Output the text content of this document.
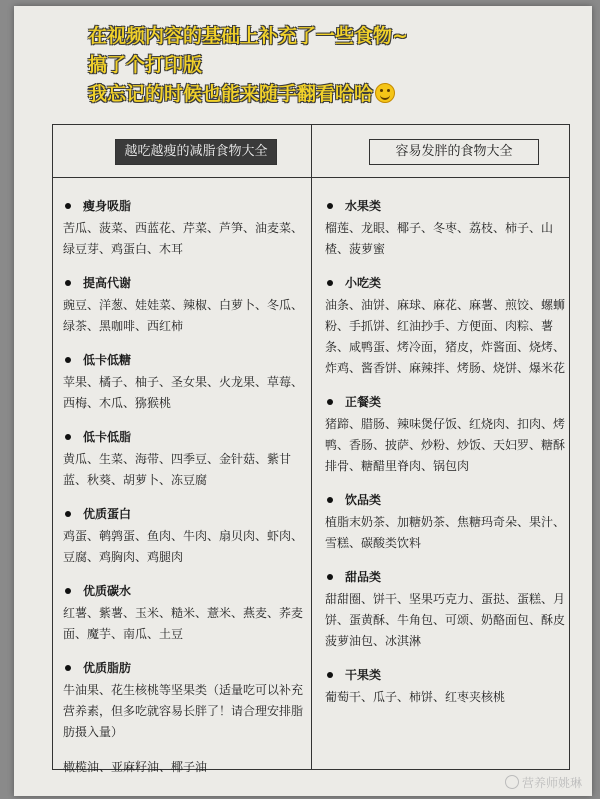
越吃越瘦的减脂食物大全	容易发胖的食物大全
瘦身吸脂
苦瓜、菠菜、西蓝花、芹菜、芦笋、油麦菜、绿豆芽、鸡蛋白、木耳
提高代谢
豌豆、洋葱、娃娃菜、辣椒、白萝卜、冬瓜、绿茶、黑咖啡、西红柿
低卡低糖
苹果、橘子、柚子、圣女果、火龙果、草莓、西梅、木瓜、猕猴桃
低卡低脂
黄瓜、生菜、海带、四季豆、金针菇、紫甘蓝、秋葵、胡萝卜、冻豆腐
优质蛋白
鸡蛋、鹌鹑蛋、鱼肉、牛肉、扇贝肉、虾肉、豆腐、鸡胸肉、鸡腿肉
优质碳水
红薯、紫薯、玉米、糙米、薏米、燕麦、荞麦面、魔芋、南瓜、土豆
优质脂肪
牛油果、花生核桃等坚果类（适量吃可以补充营养素，但多吃就容易长胖了！请合理安排脂肪摄入量）
橄榄油、亚麻籽油、椰子油
水果类
榴莲、龙眼、椰子、冬枣、荔枝、柿子、山楂、菠萝蜜
小吃类
油条、油饼、麻球、麻花、麻薯、煎饺、螺蛳粉、手抓饼、红油抄手、方便面、肉粽、薯条、咸鸭蛋、烤冷面，猪皮，炸酱面、烧烤、炸鸡、酱香饼、麻辣拌、烤肠、烧饼、爆米花
正餐类
猪蹄、腊肠、辣味煲仔饭、红烧肉、扣肉、烤鸭、香肠、披萨、炒粉、炒饭、天妇罗、糖酥排骨、糖醋里脊肉、锅包肉
饮品类
植脂末奶茶、加糖奶茶、焦糖玛奇朵、果汁、雪糕、碳酸类饮料
甜品类
甜甜圈、饼干、坚果巧克力、蛋挞、蛋糕、月饼、蛋黄酥、牛角包、可颂、奶酪面包、酥皮菠萝油包、冰淇淋
干果类
葡萄干、瓜子、柿饼、红枣夹核桃
在视频内容的基础上补充了一些食物~
搞了个打印版
我忘记的时候也能来随手翻看哈哈
营养师姚琳
